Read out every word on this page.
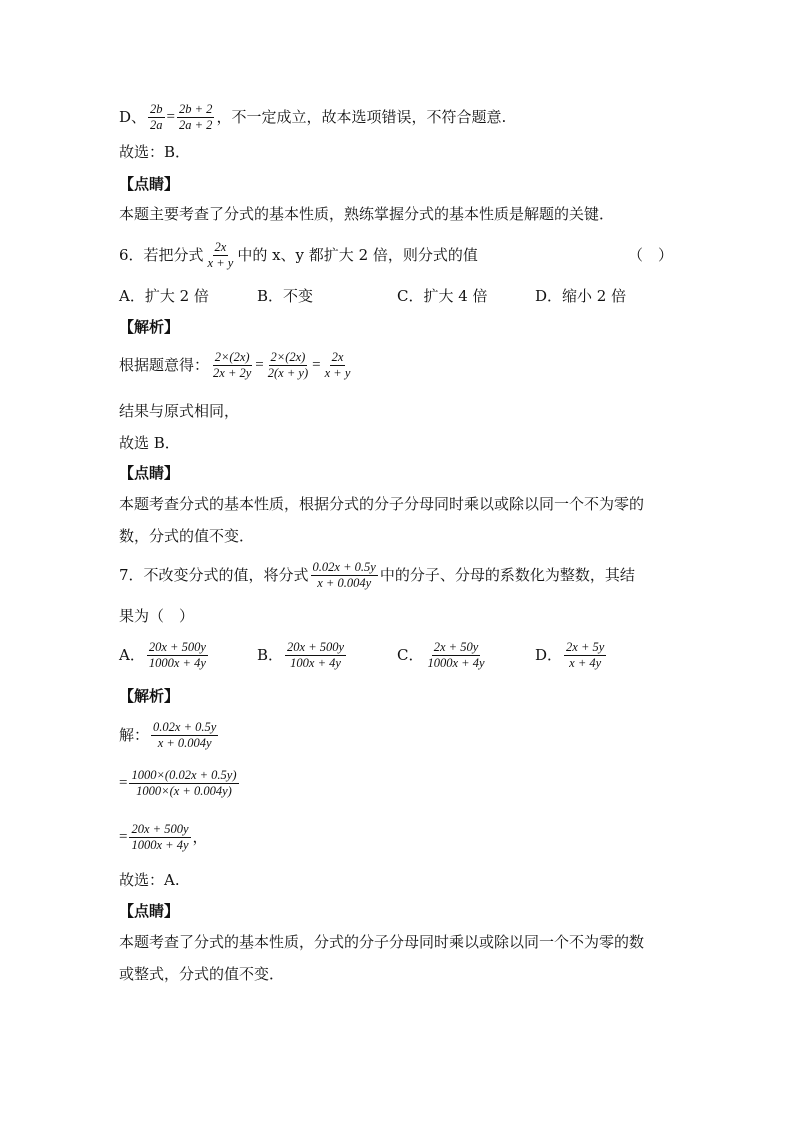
D、 $\frac{2b}{2a} = \frac{2b + 2}{2a + 2}$ ，不一定成立，故本选项错误，不符合题意.
故选：B．
【点睛】
本题主要考查了分式的基本性质，熟练掌握分式的基本性质是解题的关键．
6．若把分式 $\frac{2x}{x + y}$ 中的 x、y 都扩大 2 倍，则分式的值	（　）
A．扩大 2 倍	B．不变	C．扩大 4 倍	D．缩小 2 倍
【解析】
根据题意得： $\frac{2\times(2x)}{2x + 2y} = \frac{2\times(2x)}{2(x + y)} = \frac{2x}{x + y}$
结果与原式相同，
故选 B．
【点睛】
本题考查分式的基本性质，根据分式的分子分母同时乘以或除以同一个不为零的
数，分式的值不变．
7．不改变分式的值，将分式 $\frac{0.02x + 0.5y}{x + 0.004y}$ 中的分子、分母的系数化为整数，其结
果为（　）
A． $\frac{20x + 500y}{1000x + 4y}$	B． $\frac{20x + 500y}{100x + 4y}$	C． $\frac{2x + 50y}{1000x + 4y}$	D． $\frac{2x + 5y}{x + 4y}$
【解析】
解： $\frac{0.02x + 0.5y}{x + 0.004y}$
= $\frac{1000\times(0.02x + 0.5y)}{1000\times(x + 0.004y)}$
= $\frac{20x + 500y}{1000x + 4y}$ ，
故选：A.
【点睛】
本题考查了分式的基本性质，分式的分子分母同时乘以或除以同一个不为零的数
或整式，分式的值不变．
